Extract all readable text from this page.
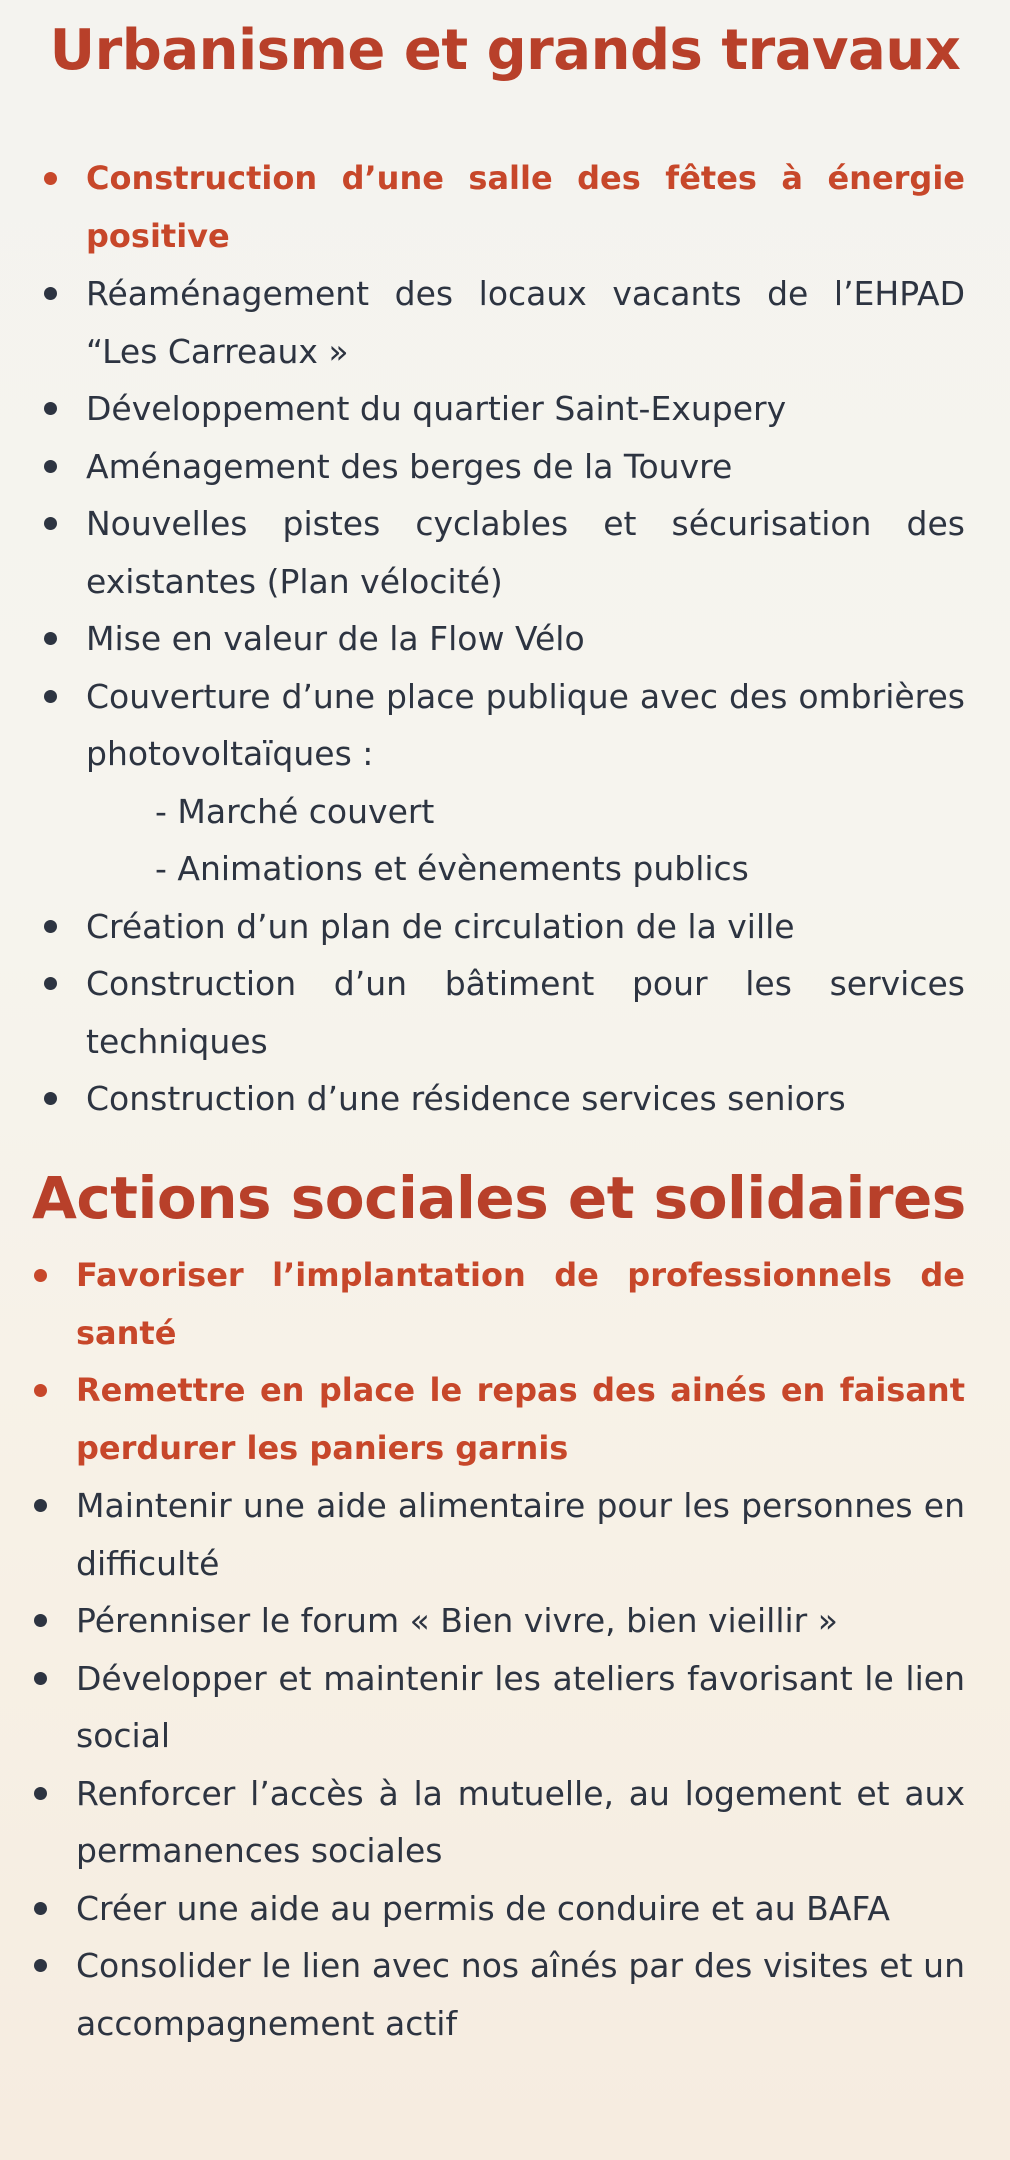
Urbanisme et grands travaux
Construction d’une salle des fêtes à énergie positive
Réaménagement des locaux vacants de l’EHPAD “Les Carreaux »
Développement du quartier Saint-Exupery
Aménagement des berges de la Touvre
Nouvelles pistes cyclables et sécurisation des existantes (Plan vélocité)
Mise en valeur de la Flow Vélo
Couverture d’une place publique avec des ombrières photovoltaïques :
- Marché couvert
- Animations et évènements publics
Création d’un plan de circulation de la ville
Construction d’un bâtiment pour les services techniques
Construction d’une résidence services seniors
Actions sociales et solidaires
Favoriser l’implantation de professionnels de santé
Remettre en place le repas des ainés en faisant perdurer les paniers garnis
Maintenir une aide alimentaire pour les personnes en difficulté
Pérenniser le forum « Bien vivre, bien vieillir »
Développer et maintenir les ateliers favorisant le lien social
Renforcer l’accès à la mutuelle, au logement et aux permanences sociales
Créer une aide au permis de conduire et au BAFA
Consolider le lien avec nos aînés par des visites et un accompagnement actif
